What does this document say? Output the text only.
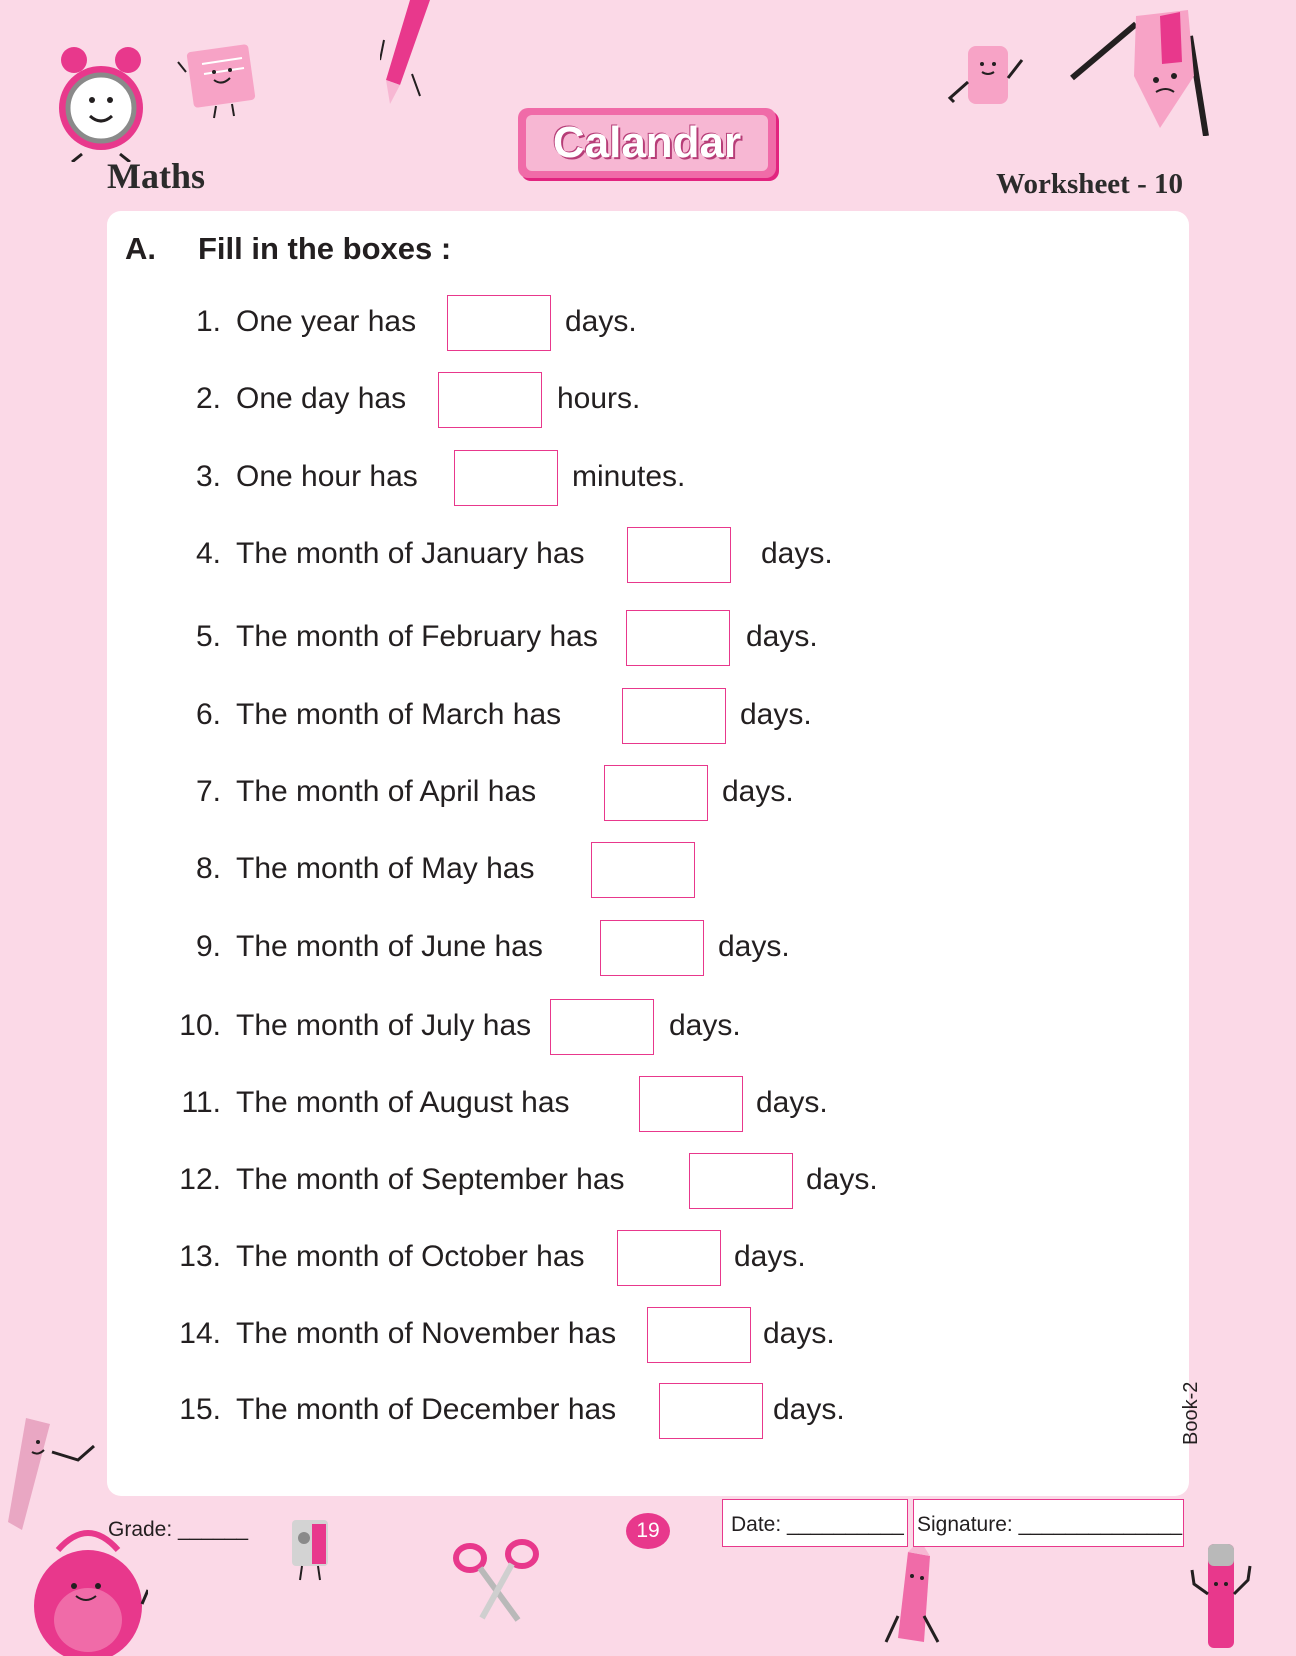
Maths
Calandar
Worksheet - 10
A. Fill in the boxes :
1. One year has	days.
2. One day has	hours.
3. One hour has	minutes.
4. The month of January has	days.
5. The month of February has	days.
6. The month of March has	days.
7. The month of April has	days.
8. The month of May has
9. The month of June has	days.
10. The month of July has	days.
11. The month of August has	days.
12. The month of September has	days.
13. The month of October has	days.
14. The month of November has	days.
15. The month of December has	days.	Book-2
Grade: ______	19	Date: __________ Signature: ______________
